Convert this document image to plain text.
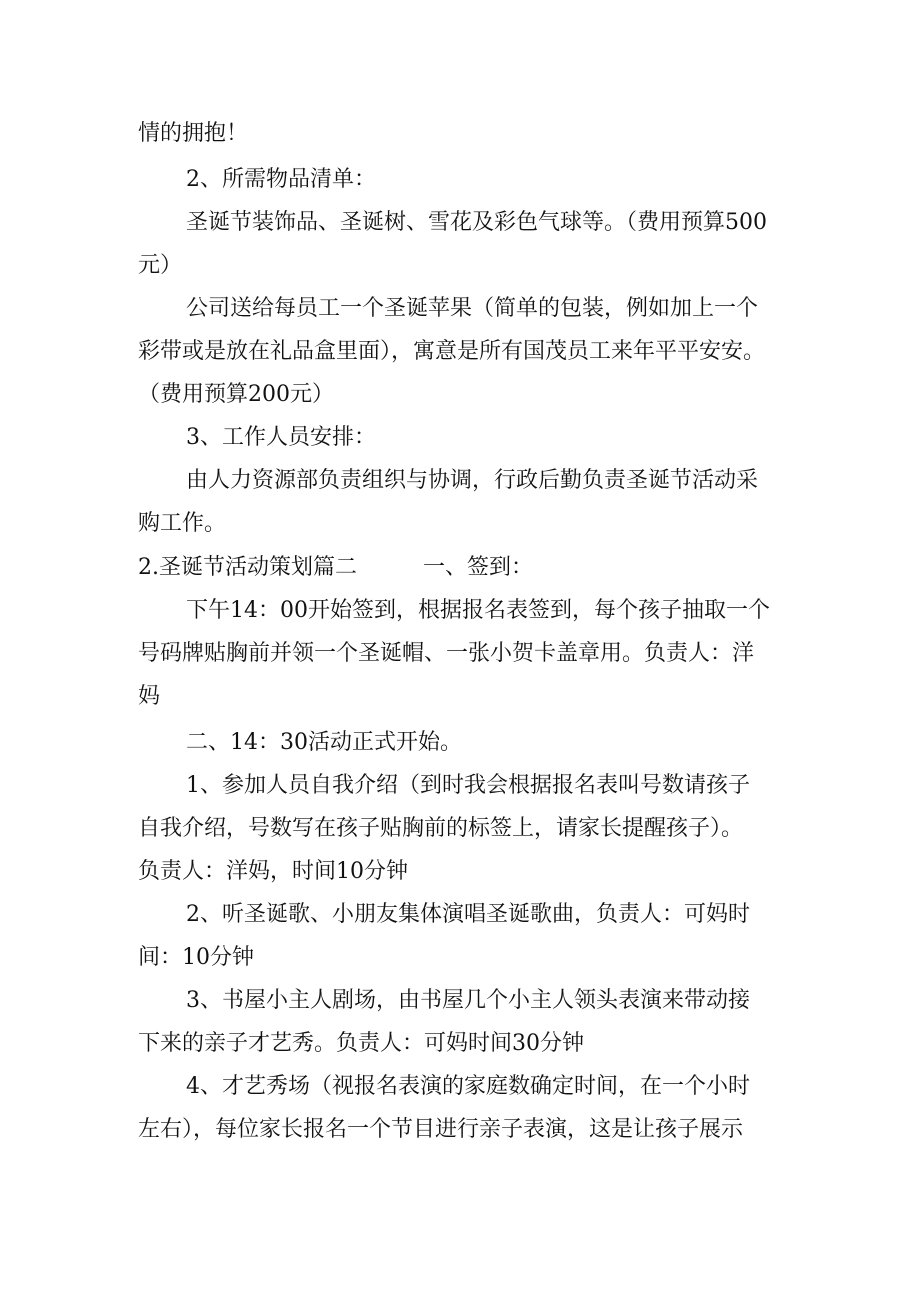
情的拥抱！

2、所需物品清单：

圣诞节装饰品、圣诞树、雪花及彩色气球等。（费用预算500

元）

公司送给每员工一个圣诞苹果（简单的包装，例如加上一个

彩带或是放在礼品盒里面），寓意是所有国茂员工来年平平安安。

（费用预算200元）

3、工作人员安排：

由人力资源部负责组织与协调，行政后勤负责圣诞节活动采

购工作。

2.圣诞节活动策划篇二　　　一、签到：

下午14：00开始签到，根据报名表签到，每个孩子抽取一个

号码牌贴胸前并领一个圣诞帽、一张小贺卡盖章用。负责人：洋

妈

二、14：30活动正式开始。

1、参加人员自我介绍（到时我会根据报名表叫号数请孩子

自我介绍，号数写在孩子贴胸前的标签上，请家长提醒孩子）。

负责人：洋妈，时间10分钟

2、听圣诞歌、小朋友集体演唱圣诞歌曲，负责人：可妈时

间：10分钟

3、书屋小主人剧场，由书屋几个小主人领头表演来带动接

下来的亲子才艺秀。负责人：可妈时间30分钟

4、才艺秀场（视报名表演的家庭数确定时间，在一个小时

左右），每位家长报名一个节目进行亲子表演，这是让孩子展示
